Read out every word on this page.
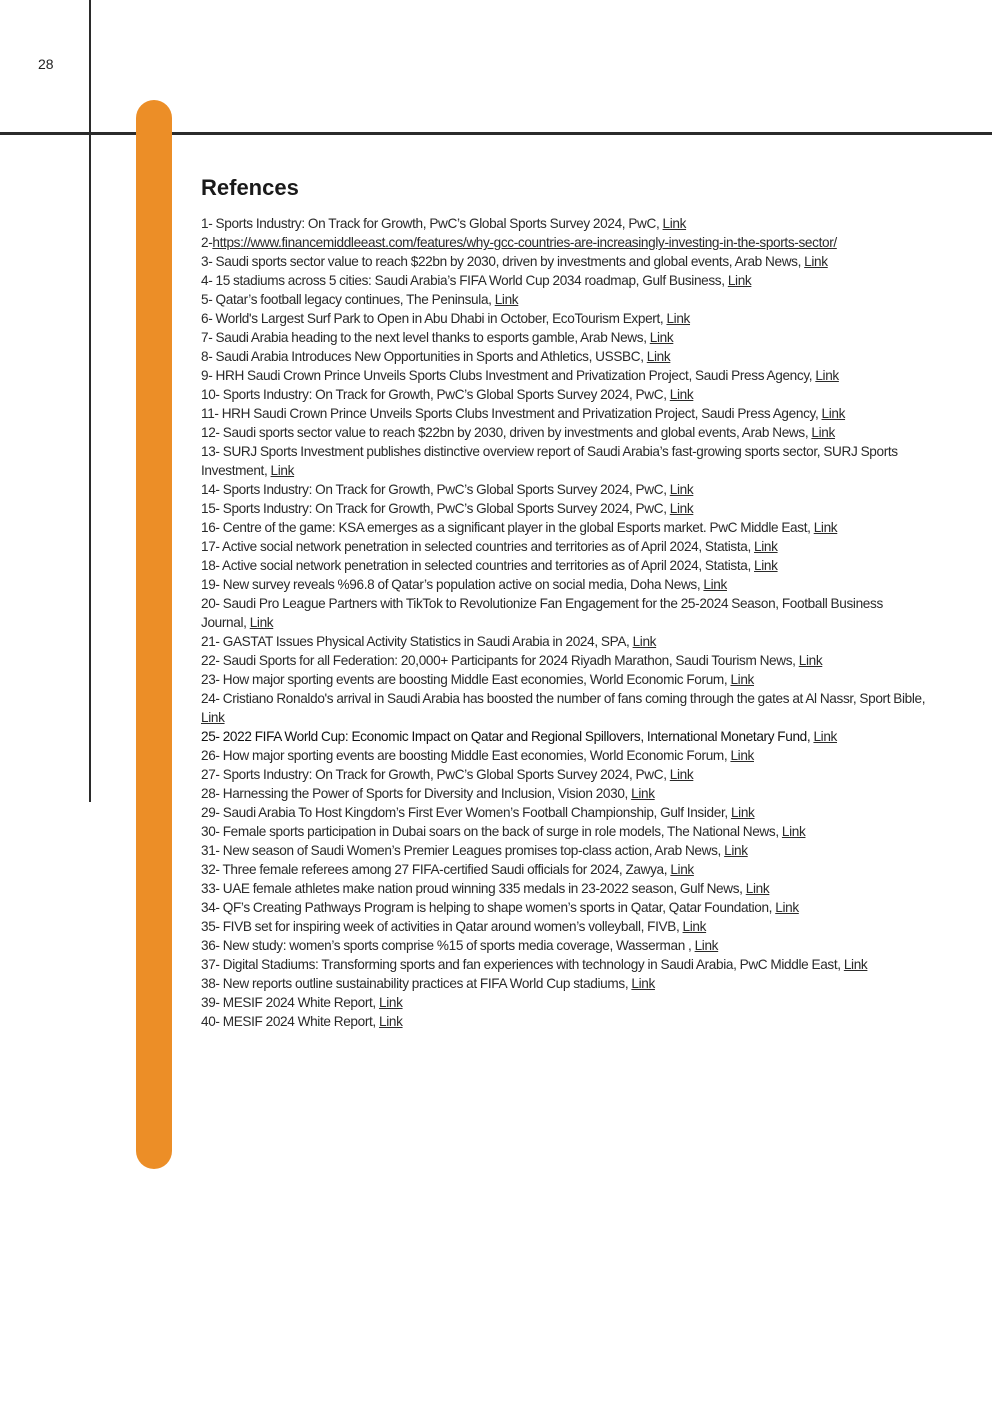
28
Refences
1- Sports Industry: On Track for Growth, PwC’s Global Sports Survey 2024, PwC, Link
2-https://www.financemiddleeast.com/features/why-gcc-countries-are-increasingly-investing-in-the-sports-sector/
3- Saudi sports sector value to reach $22bn by 2030, driven by investments and global events, Arab News, Link
4- 15 stadiums across 5 cities: Saudi Arabia’s FIFA World Cup 2034 roadmap, Gulf Business, Link
5- Qatar’s football legacy continues, The Peninsula, Link
6- World's Largest Surf Park to Open in Abu Dhabi in October, EcoTourism Expert, Link
7- Saudi Arabia heading to the next level thanks to esports gamble, Arab News, Link
8- Saudi Arabia Introduces New Opportunities in Sports and Athletics, USSBC, Link
9- HRH Saudi Crown Prince Unveils Sports Clubs Investment and Privatization Project, Saudi Press Agency, Link
10- Sports Industry: On Track for Growth, PwC’s Global Sports Survey 2024, PwC, Link
11- HRH Saudi Crown Prince Unveils Sports Clubs Investment and Privatization Project, Saudi Press Agency, Link
12- Saudi sports sector value to reach $22bn by 2030, driven by investments and global events, Arab News, Link
13- SURJ Sports Investment publishes distinctive overview report of Saudi Arabia’s fast-growing sports sector, SURJ Sports Investment, Link
14- Sports Industry: On Track for Growth, PwC’s Global Sports Survey 2024, PwC, Link
15- Sports Industry: On Track for Growth, PwC’s Global Sports Survey 2024, PwC, Link
16- Centre of the game: KSA emerges as a significant player in the global Esports market. PwC Middle East, Link
17- Active social network penetration in selected countries and territories as of April 2024, Statista, Link
18- Active social network penetration in selected countries and territories as of April 2024, Statista, Link
19- New survey reveals %96.8 of Qatar’s population active on social media, Doha News, Link
20- Saudi Pro League Partners with TikTok to Revolutionize Fan Engagement for the 25-2024 Season, Football Business Journal, Link
21- GASTAT Issues Physical Activity Statistics in Saudi Arabia in 2024, SPA, Link
22- Saudi Sports for all Federation: 20,000+ Participants for 2024 Riyadh Marathon, Saudi Tourism News, Link
23- How major sporting events are boosting Middle East economies, World Economic Forum, Link
24- Cristiano Ronaldo's arrival in Saudi Arabia has boosted the number of fans coming through the gates at Al Nassr, Sport Bible, Link
25- 2022 FIFA World Cup: Economic Impact on Qatar and Regional Spillovers, International Monetary Fund, Link
26- How major sporting events are boosting Middle East economies, World Economic Forum, Link
27- Sports Industry: On Track for Growth, PwC’s Global Sports Survey 2024, PwC, Link
28- Harnessing the Power of Sports for Diversity and Inclusion, Vision 2030, Link
29- Saudi Arabia To Host Kingdom’s First Ever Women’s Football Championship, Gulf Insider, Link
30- Female sports participation in Dubai soars on the back of surge in role models, The National News, Link
31- New season of Saudi Women’s Premier Leagues promises top-class action, Arab News, Link
32- Three female referees among 27 FIFA-certified Saudi officials for 2024, Zawya, Link
33- UAE female athletes make nation proud winning 335 medals in 23-2022 season, Gulf News, Link
34- QF’s Creating Pathways Program is helping to shape women’s sports in Qatar, Qatar Foundation, Link
35- FIVB set for inspiring week of activities in Qatar around women’s volleyball, FIVB, Link
36- New study: women’s sports comprise %15 of sports media coverage, Wasserman , Link
37- Digital Stadiums: Transforming sports and fan experiences with technology in Saudi Arabia, PwC Middle East, Link
38- New reports outline sustainability practices at FIFA World Cup stadiums, Link
39- MESIF 2024 White Report, Link
40- MESIF 2024 White Report, Link
